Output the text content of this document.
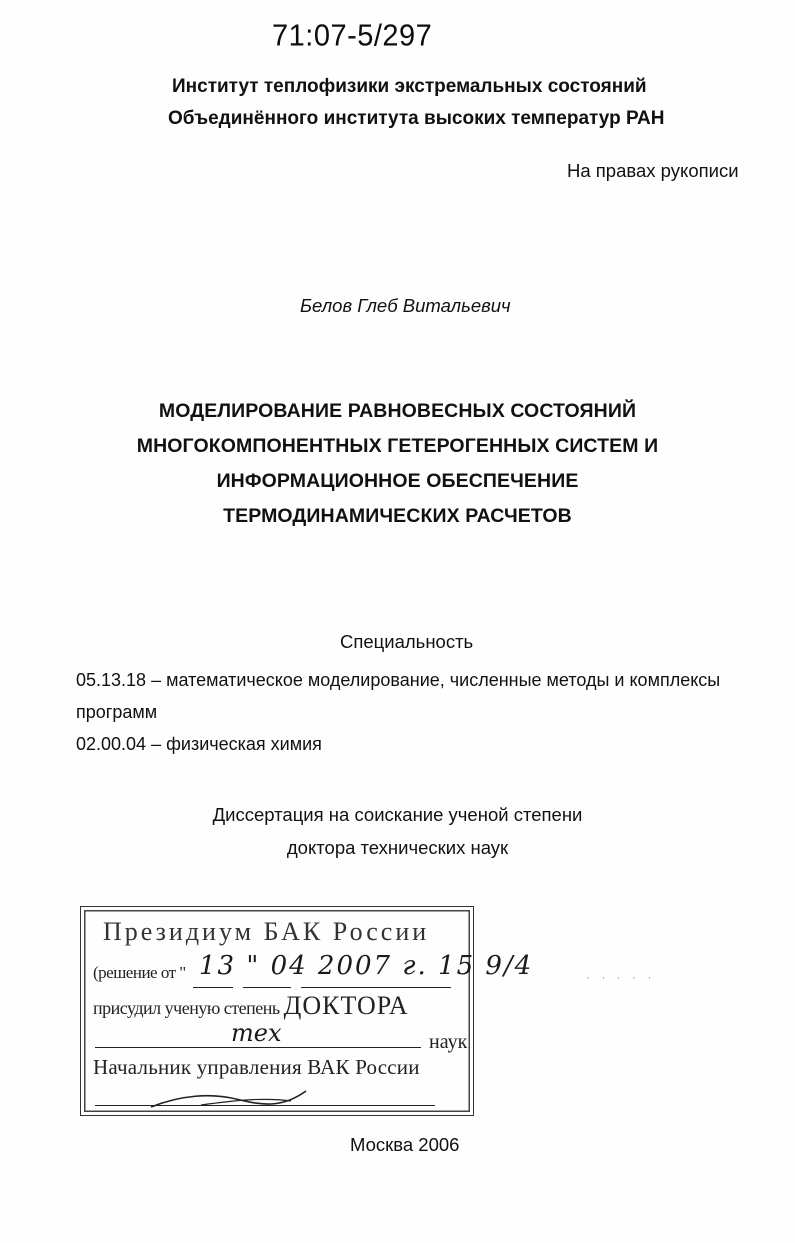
71:07-5/297
Институт теплофизики экстремальных состояний
Объединённого института высоких температур РАН
На правах рукописи
Белов Глеб Витальевич
МОДЕЛИРОВАНИЕ РАВНОВЕСНЫХ СОСТОЯНИЙ
МНОГОКОМПОНЕНТНЫХ ГЕТЕРОГЕННЫХ СИСТЕМ И
ИНФОРМАЦИОННОЕ ОБЕСПЕЧЕНИЕ
ТЕРМОДИНАМИЧЕСКИХ РАСЧЕТОВ
Специальность
05.13.18 – математическое моделирование, численные методы и комплексы
программ
02.00.04 – физическая химия
Диссертация на соискание ученой степени
доктора технических наук
Президиум БАК России
(решение от " 13 " 04 2007 г. 15 9/4
присудил ученую степень ДОКТОРА
тех	наук
Начальник управления ВАК России
· · · · ·
Москва 2006
